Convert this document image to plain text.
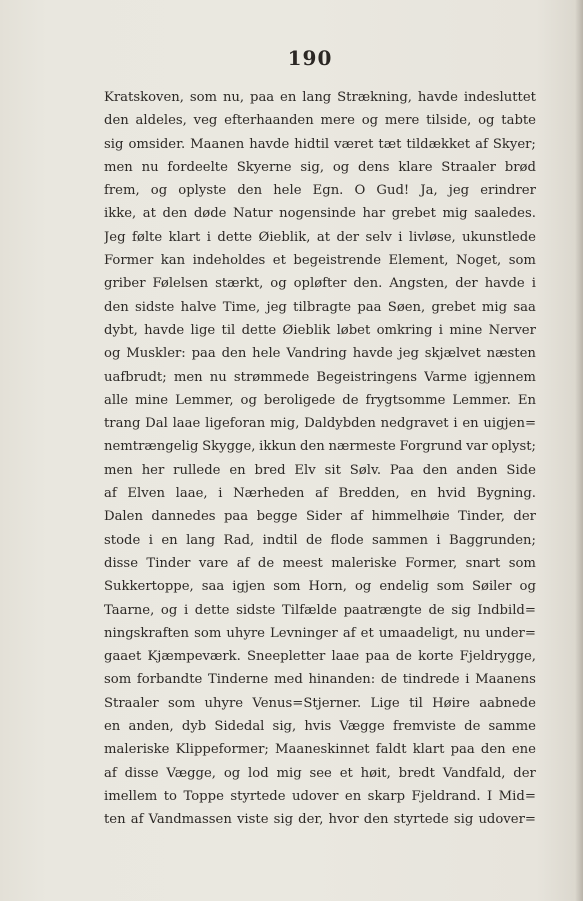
190
Kratskoven, som nu, paa en lang Strækning, havde indesluttet
den aldeles, veg efterhaanden mere og mere tilside, og tabte
sig omsider. Maanen havde hidtil været tæt tildækket af Skyer;
men nu fordeelte Skyerne sig, og dens klare Straaler brød
frem, og oplyste den hele Egn. O Gud! Ja, jeg erindrer
ikke, at den døde Natur nogensinde har grebet mig saaledes.
Jeg følte klart i dette Øieblik, at der selv i livløse, ukunstlede
Former kan indeholdes et begeistrende Element, Noget, som
griber Følelsen stærkt, og opløfter den. Angsten, der havde i
den sidste halve Time, jeg tilbragte paa Søen, grebet mig saa
dybt, havde lige til dette Øieblik løbet omkring i mine Nerver
og Muskler: paa den hele Vandring havde jeg skjælvet næsten
uafbrudt; men nu strømmede Begeistringens Varme igjennem
alle mine Lemmer, og beroligede de frygtsomme Lemmer. En
trang Dal laae ligeforan mig, Daldybden nedgravet i en uigjen=
nemtrængelig Skygge, ikkun den nærmeste Forgrund var oplyst;
men her rullede en bred Elv sit Sølv. Paa den anden Side
af Elven laae, i Nærheden af Bredden, en hvid Bygning.
Dalen dannedes paa begge Sider af himmelhøie Tinder, der
stode i en lang Rad, indtil de flode sammen i Baggrunden;
disse Tinder vare af de meest maleriske Former, snart som
Sukkertoppe, saa igjen som Horn, og endelig som Søiler og
Taarne, og i dette sidste Tilfælde paatrængte de sig Indbild=
ningskraften som uhyre Levninger af et umaadeligt, nu under=
gaaet Kjæmpeværk. Sneepletter laae paa de korte Fjeldrygge,
som forbandte Tinderne med hinanden: de tindrede i Maanens
Straaler som uhyre Venus=Stjerner. Lige til Høire aabnede
en anden, dyb Sidedal sig, hvis Vægge fremviste de samme
maleriske Klippeformer; Maaneskinnet faldt klart paa den ene
af disse Vægge, og lod mig see et høit, bredt Vandfald, der
imellem to Toppe styrtede udover en skarp Fjeldrand. I Mid=
ten af Vandmassen viste sig der, hvor den styrtede sig udover=
